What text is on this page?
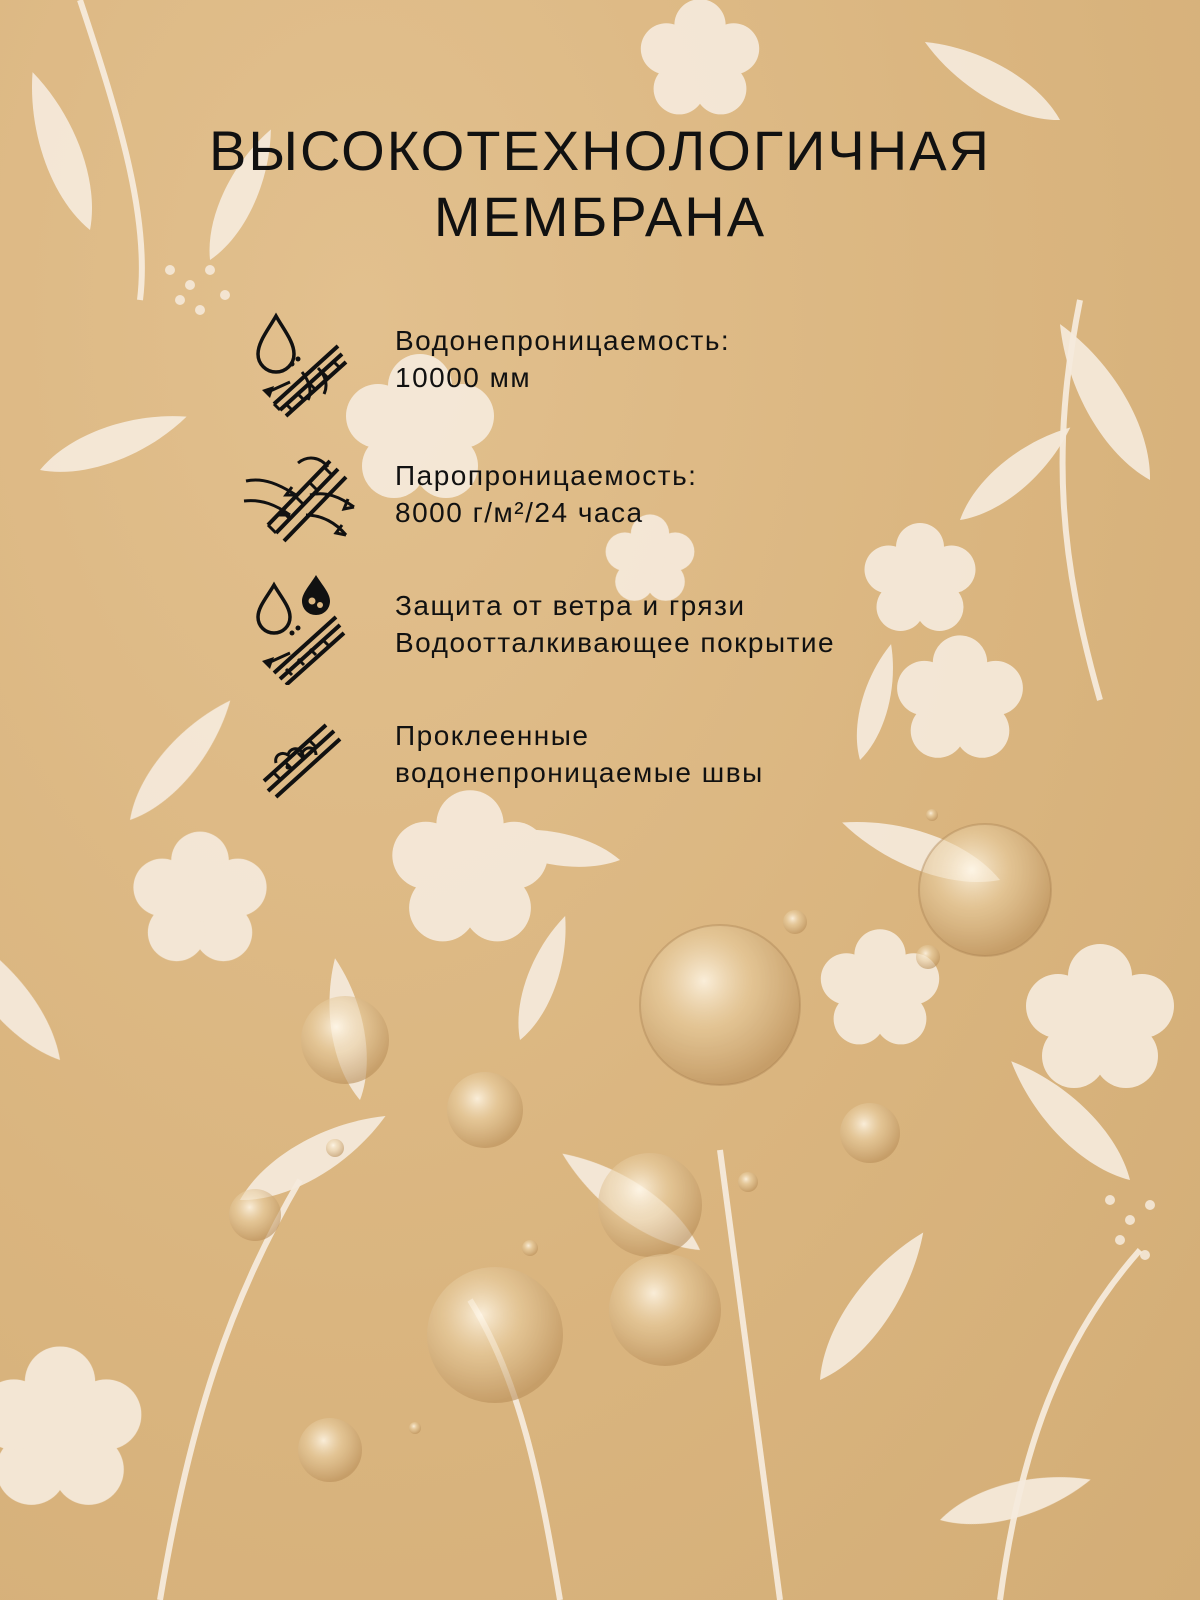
ВЫСОКОТЕХНОЛОГИЧНАЯ
МЕМБРАНА
Водонепроницаемость:
10000 мм
Паропроницаемость:
8000 г/м²/24 часа
Защита от ветра и грязи
Водоотталкивающее покрытие
Проклеенные
водонепроницаемые швы
